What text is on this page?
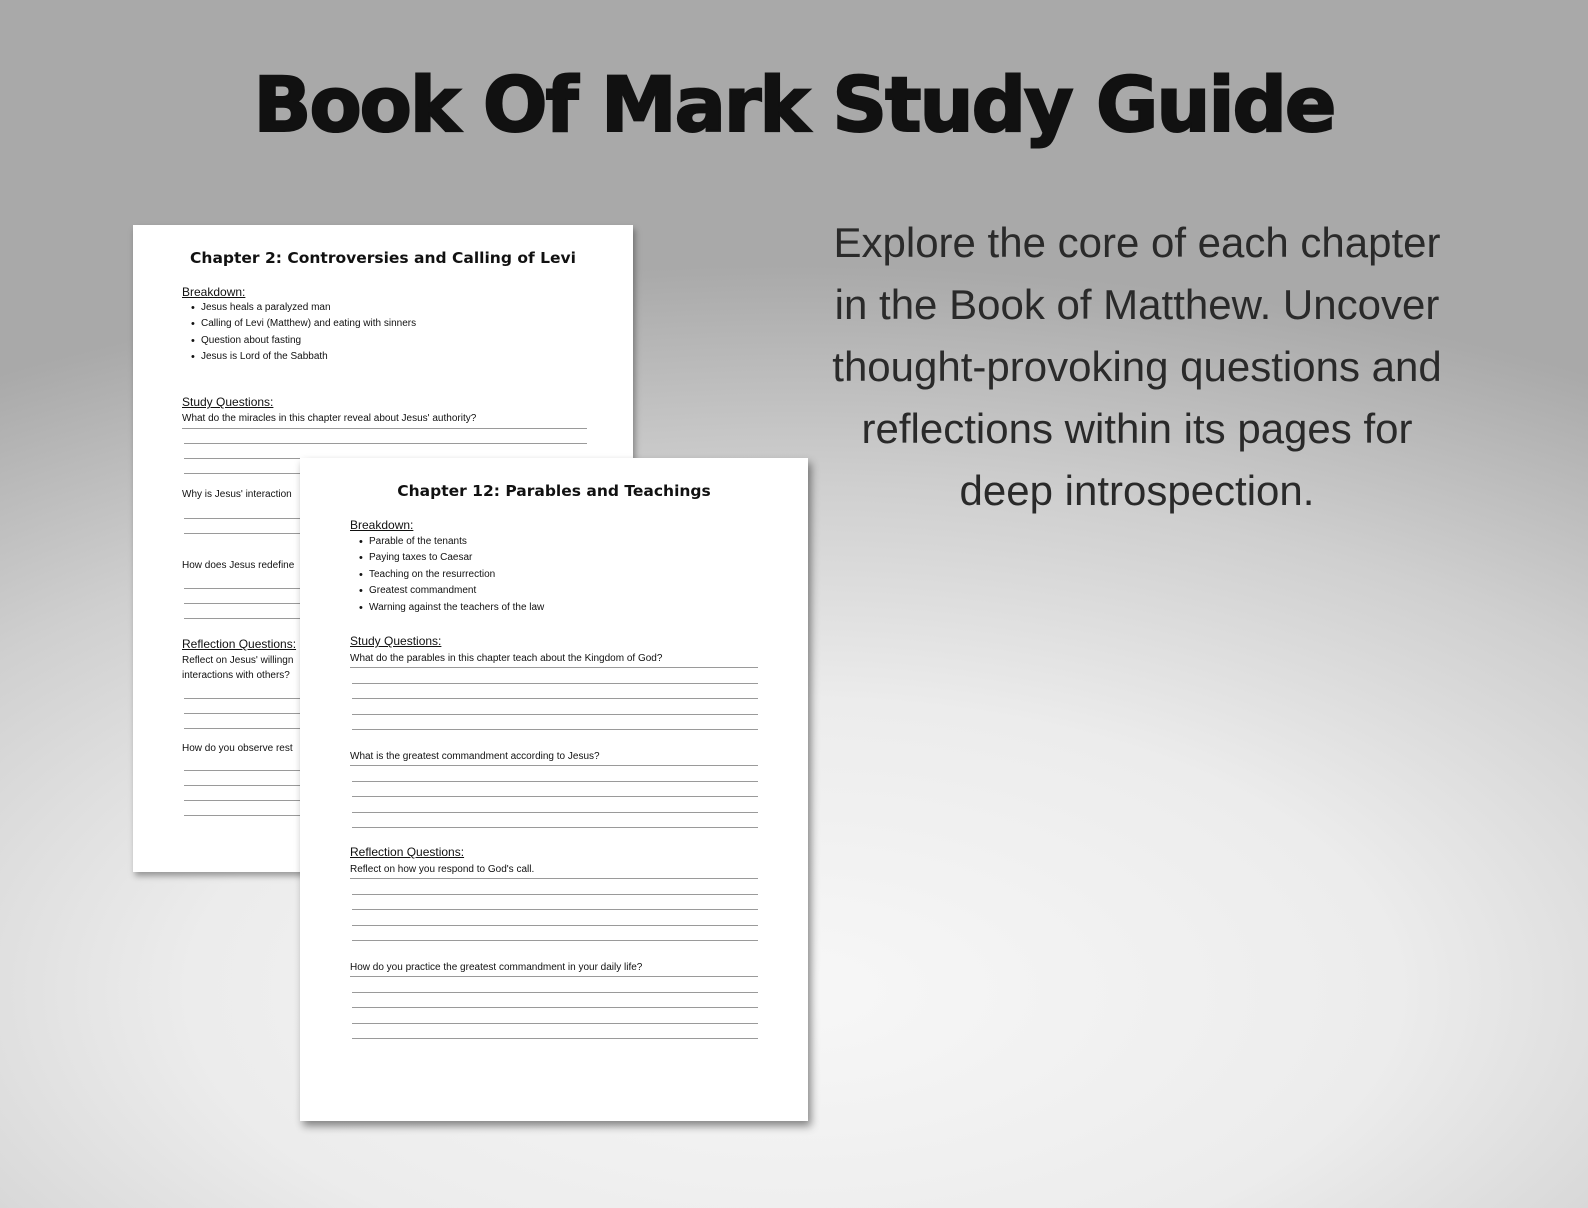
Book Of Mark Study Guide
Explore the core of each chapter in the Book of Matthew. Uncover thought-provoking questions and reflections within its pages for deep introspection.
Chapter 2: Controversies and Calling of Levi
Breakdown:
• Jesus heals a paralyzed man
• Calling of Levi (Matthew) and eating with sinners
• Question about fasting
• Jesus is Lord of the Sabbath
Study Questions:
What do the miracles in this chapter reveal about Jesus' authority?
Why is Jesus' interaction
How does Jesus redefine
Reflection Questions:
Reflect on Jesus' willingn
interactions with others?
How do you observe rest
Chapter 12: Parables and Teachings
Breakdown:
• Parable of the tenants
• Paying taxes to Caesar
• Teaching on the resurrection
• Greatest commandment
• Warning against the teachers of the law
Study Questions:
What do the parables in this chapter teach about the Kingdom of God?
What is the greatest commandment according to Jesus?
Reflection Questions:
Reflect on how you respond to God's call.
How do you practice the greatest commandment in your daily life?
